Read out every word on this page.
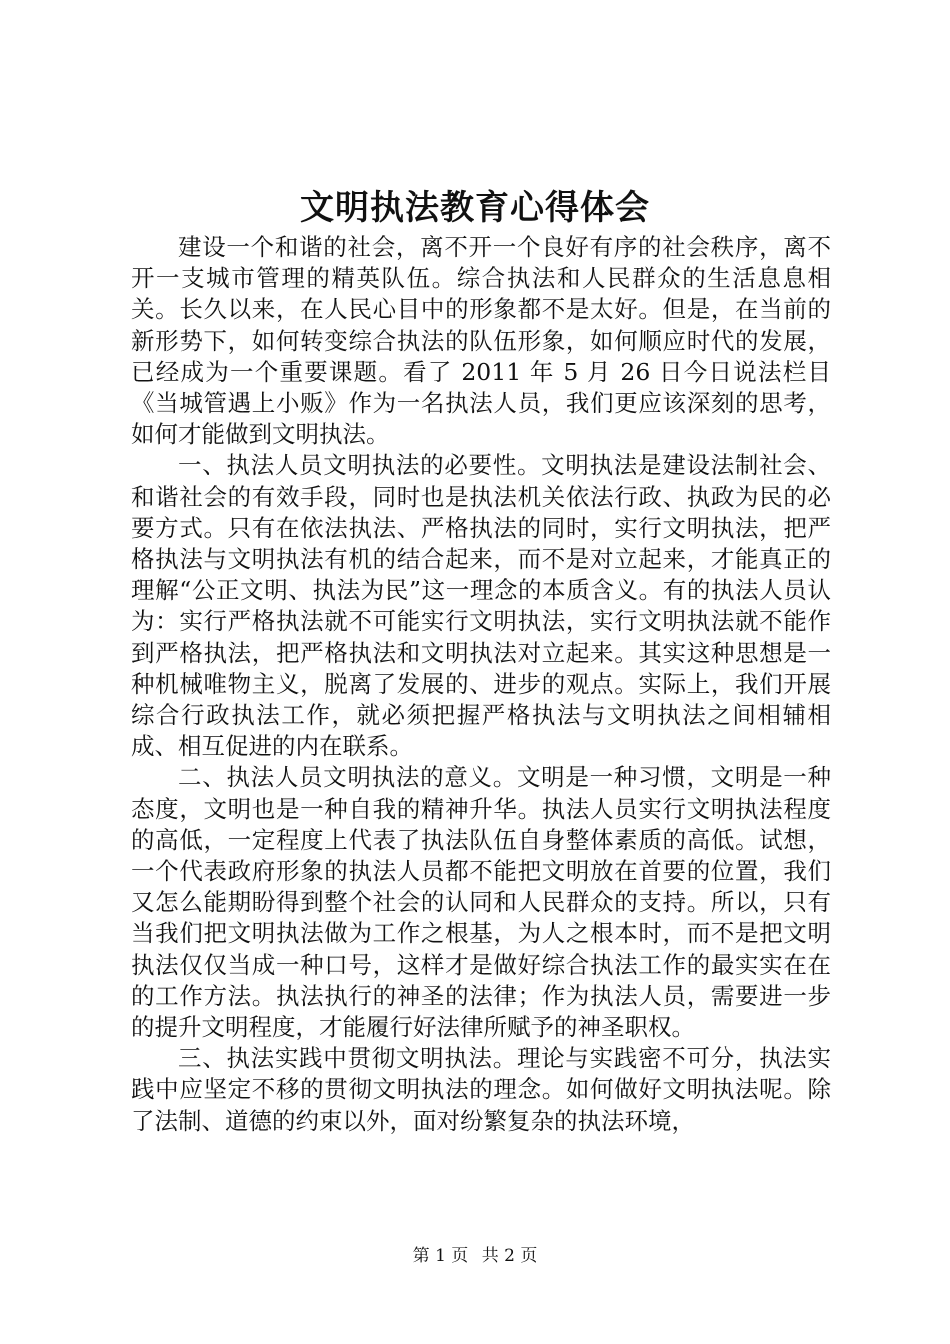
文明执法教育心得体会

建设一个和谐的社会，离不开一个良好有序的社会秩序，离不开一支城市管理的精英队伍。综合执法和人民群众的生活息息相关。长久以来，在人民心目中的形象都不是太好。但是，在当前的新形势下，如何转变综合执法的队伍形象，如何顺应时代的发展，已经成为一个重要课题。看了 2011 年 5 月 26 日今日说法栏目《当城管遇上小贩》作为一名执法人员，我们更应该深刻的思考，如何才能做到文明执法。

一、执法人员文明执法的必要性。文明执法是建设法制社会、和谐社会的有效手段，同时也是执法机关依法行政、执政为民的必要方式。只有在依法执法、严格执法的同时，实行文明执法，把严格执法与文明执法有机的结合起来，而不是对立起来，才能真正的理解“公正文明、执法为民”这一理念的本质含义。有的执法人员认为：实行严格执法就不可能实行文明执法，实行文明执法就不能作到严格执法，把严格执法和文明执法对立起来。其实这种思想是一种机械唯物主义，脱离了发展的、进步的观点。实际上，我们开展综合行政执法工作，就必须把握严格执法与文明执法之间相辅相成、相互促进的内在联系。

二、执法人员文明执法的意义。文明是一种习惯，文明是一种态度，文明也是一种自我的精神升华。执法人员实行文明执法程度的高低，一定程度上代表了执法队伍自身整体素质的高低。试想，一个代表政府形象的执法人员都不能把文明放在首要的位置，我们又怎么能期盼得到整个社会的认同和人民群众的支持。所以，只有当我们把文明执法做为工作之根基，为人之根本时，而不是把文明执法仅仅当成一种口号，这样才是做好综合执法工作的最实实在在的工作方法。执法执行的神圣的法律；作为执法人员，需要进一步的提升文明程度，才能履行好法律所赋予的神圣职权。

三、执法实践中贯彻文明执法。理论与实践密不可分，执法实践中应坚定不移的贯彻文明执法的理念。如何做好文明执法呢。除了法制、道德的约束以外，面对纷繁复杂的执法环境，

第 1 页 共 2 页
